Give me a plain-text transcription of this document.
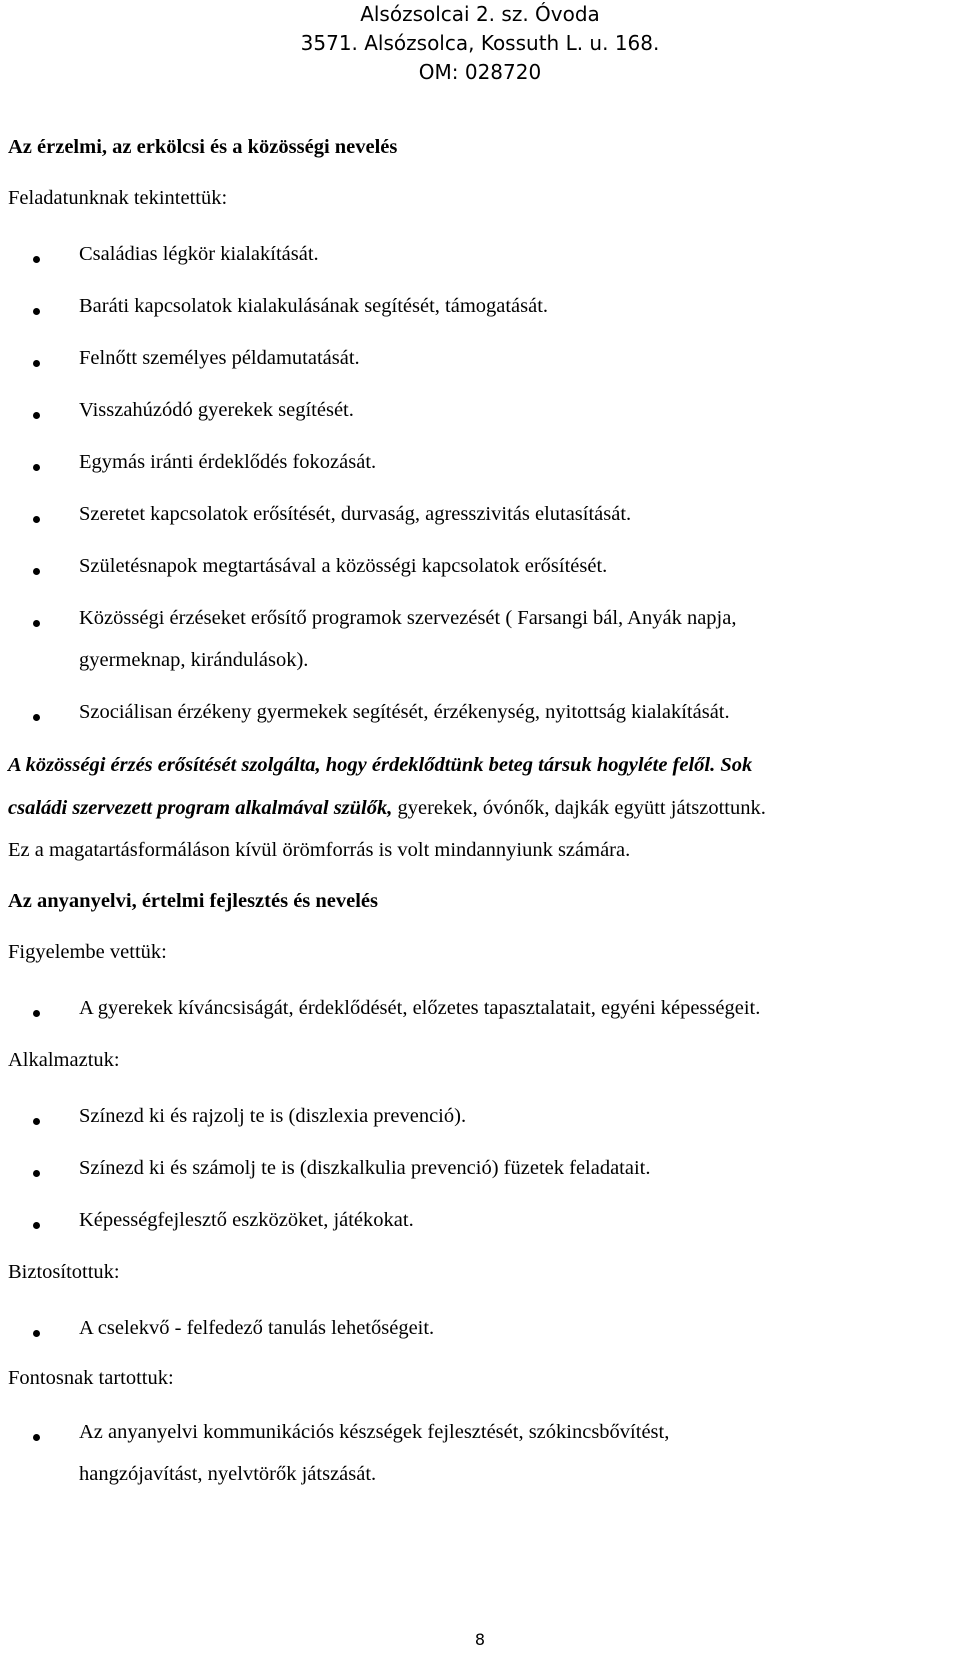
Alsózsolcai 2. sz. Óvoda
3571. Alsózsolca, Kossuth L. u. 168.
OM: 028720
Az érzelmi, az erkölcsi és a közösségi nevelés
Feladatunknak tekintettük:
Családias légkör kialakítását.
Baráti kapcsolatok kialakulásának segítését, támogatását.
Felnőtt személyes példamutatását.
Visszahúzódó gyerekek segítését.
Egymás iránti érdeklődés fokozását.
Szeretet kapcsolatok erősítését, durvaság, agresszivitás elutasítását.
Születésnapok megtartásával a közösségi kapcsolatok erősítését.
Közösségi érzéseket erősítő programok szervezését ( Farsangi bál, Anyák napja,
gyermeknap, kirándulások).
Szociálisan érzékeny gyermekek segítését, érzékenység, nyitottság kialakítását.
A közösségi érzés erősítését szolgálta, hogy érdeklődtünk beteg társuk hogyléte felől. Sok
családi szervezett program alkalmával szülők, gyerekek, óvónők, dajkák együtt játszottunk.
Ez a magatartásformáláson kívül örömforrás is volt mindannyiunk számára.
Az anyanyelvi, értelmi fejlesztés és nevelés
Figyelembe vettük:
A gyerekek kíváncsiságát, érdeklődését, előzetes tapasztalatait, egyéni képességeit.
Alkalmaztuk:
Színezd ki és rajzolj te is (diszlexia prevenció).
Színezd ki és számolj te is (diszkalkulia prevenció) füzetek feladatait.
Képességfejlesztő eszközöket, játékokat.
Biztosítottuk:
A cselekvő - felfedező tanulás lehetőségeit.
Fontosnak tartottuk:
Az anyanyelvi kommunikációs készségek fejlesztését, szókincsbővítést,
hangzójavítást, nyelvtörők játszását.
8
